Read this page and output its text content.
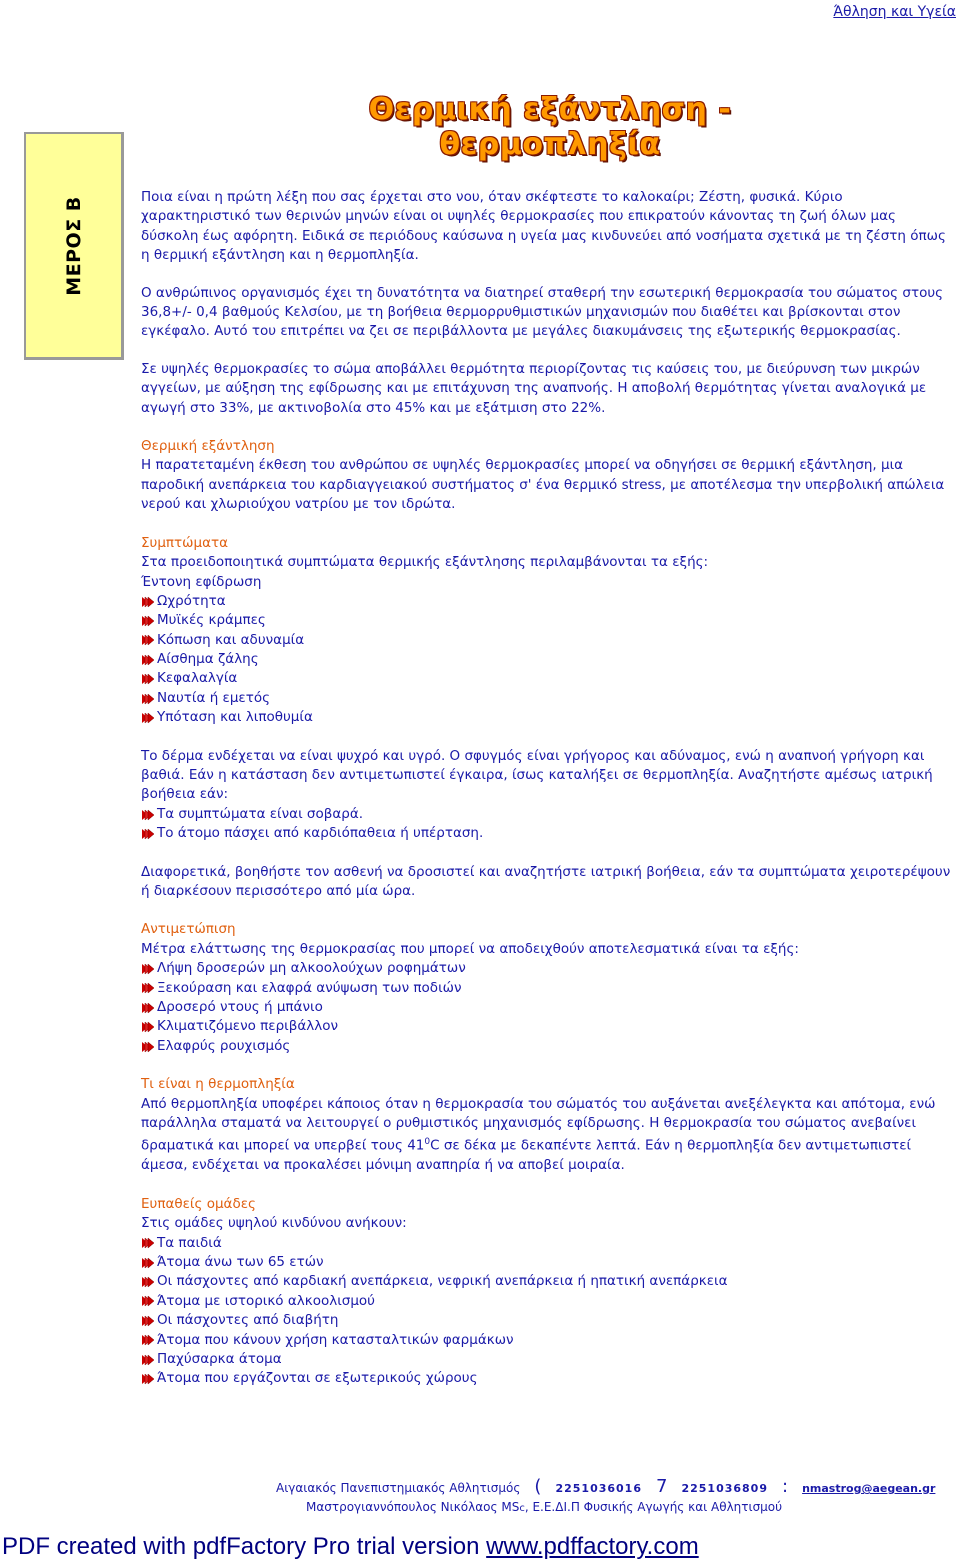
Άθληση και Υγεία
Θερμική εξάντληση - θερμοπληξία
ΜΕΡΟΣ Β	Ποια είναι η πρώτη λέξη που σας έρχεται στο νου, όταν σκέφτεστε το καλοκαίρι; Ζέστη, φυσικά. Κύριο χαρακτηριστικό των θερινών μηνών είναι οι υψηλές θερμοκρασίες που επικρατούν κάνοντας τη ζωή όλων μας δύσκολη έως αφόρητη. Ειδικά σε περιόδους καύσωνα η υγεία μας κινδυνεύει από νοσήματα σχετικά με τη ζέστη όπως η θερμική εξάντληση και η θερμοπληξία.

Ο ανθρώπινος οργανισμός έχει τη δυνατότητα να διατηρεί σταθερή την εσωτερική θερμοκρασία του σώματος στους 36,8+/- 0,4 βαθμούς Κελσίου, με τη βοήθεια θερμορρυθμιστικών μηχανισμών που διαθέτει και βρίσκονται στον εγκέφαλο. Αυτό του επιτρέπει να ζει σε περιβάλλοντα με μεγάλες διακυμάνσεις της εξωτερικής θερμοκρασίας.

Σε υψηλές θερμοκρασίες το σώμα αποβάλλει θερμότητα περιορίζοντας τις καύσεις του, με διεύρυνση των μικρών αγγείων, με αύξηση της εφίδρωσης και με επιτάχυνση της αναπνοής. Η αποβολή θερμότητας γίνεται αναλογικά με αγωγή στο 33%, με ακτινοβολία στο 45% και με εξάτμιση στο 22%.

Θερμική εξάντληση

Η παρατεταμένη έκθεση του ανθρώπου σε υψηλές θερμοκρασίες μπορεί να οδηγήσει σε θερμική εξάντληση, μια παροδική ανεπάρκεια του καρδιαγγειακού συστήματος σ' ένα θερμικό stress, με αποτέλεσμα την υπερβολική απώλεια νερού και χλωριούχου νατρίου με τον ιδρώτα.

Συμπτώματα

Στα προειδοποιητικά συμπτώματα θερμικής εξάντλησης περιλαμβάνονται τα εξής:

Έντονη εφίδρωση

Ωχρότητα
Μυϊκές κράμπες
Κόπωση και αδυναμία
Αίσθημα ζάλης
Κεφαλαλγία
Ναυτία ή εμετός
Υπόταση και λιποθυμία

Το δέρμα ενδέχεται να είναι ψυχρό και υγρό. Ο σφυγμός είναι γρήγορος και αδύναμος, ενώ η αναπνοή γρήγορη και βαθιά. Εάν η κατάσταση δεν αντιμετωπιστεί έγκαιρα, ίσως καταλήξει σε θερμοπληξία. Αναζητήστε αμέσως ιατρική βοήθεια εάν:

Τα συμπτώματα είναι σοβαρά.
Το άτομο πάσχει από καρδιόπαθεια ή υπέρταση.

Διαφορετικά, βοηθήστε τον ασθενή να δροσιστεί και αναζητήστε ιατρική βοήθεια, εάν τα συμπτώματα χειροτερέψουν ή διαρκέσουν περισσότερο από μία ώρα.

Αντιμετώπιση

Μέτρα ελάττωσης της θερμοκρασίας που μπορεί να αποδειχθούν αποτελεσματικά είναι τα εξής:

Λήψη δροσερών μη αλκοολούχων ροφημάτων
Ξεκούραση και ελαφρά ανύψωση των ποδιών
Δροσερό ντους ή μπάνιο
Κλιματιζόμενο περιβάλλον
Ελαφρύς ρουχισμός
Τι είναι η θερμοπληξία

Από θερμοπληξία υποφέρει κάποιος όταν η θερμοκρασία του σώματός του αυξάνεται ανεξέλεγκτα και απότομα, ενώ παράλληλα σταματά να λειτουργεί ο ρυθμιστικός μηχανισμός εφίδρωσης. Η θερμοκρασία του σώματος ανεβαίνει δραματικά και μπορεί να υπερβεί τους $41^0C$ σε δέκα με δεκαπέντε λεπτά. Εάν η θερμοπληξία δεν αντιμετωπιστεί άμεσα, ενδέχεται να προκαλέσει μόνιμη αναπηρία ή να αποβεί μοιραία.

Ευπαθείς ομάδες

Στις ομάδες υψηλού κινδύνου ανήκουν:

Τα παιδιά
Άτομα άνω των 65 ετών
Οι πάσχοντες από καρδιακή ανεπάρκεια, νεφρική ανεπάρκεια ή ηπατική ανεπάρκεια
Άτομα με ιστορικό αλκοολισμού
Οι πάσχοντες από διαβήτη
Άτομα που κάνουν χρήση κατασταλτικών φαρμάκων
Παχύσαρκα άτομα
Άτομα που εργάζονται σε εξωτερικούς χώρους
Αιγαιακός Πανεπιστημιακός Αθλητισμός ( 2251036016 7 2251036809 : nmastrog@aegean.gr
Μαστρογιαννόπουλος Νικόλαος MSc, Ε.Ε.ΔΙ.Π Φυσικής Αγωγής και Αθλητισμού
PDF created with pdfFactory Pro trial version www.pdffactory.com
